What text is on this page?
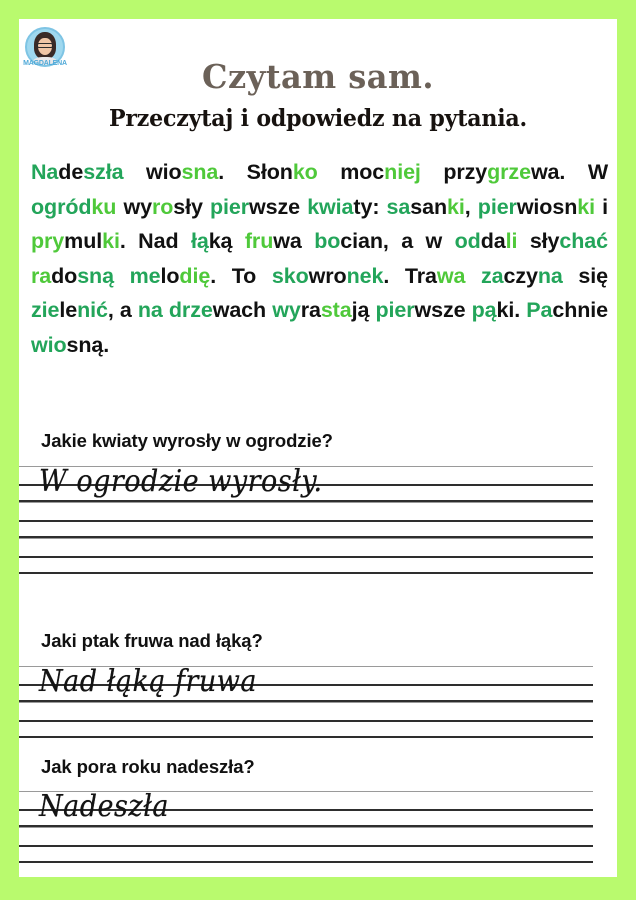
MAGDALENA	Czytam sam.
Przeczytaj i odpowiedz na pytania.
Nadeszła wiosna. Słonko mocniej przygrzewa. W ogródku wyrosły pierwsze kwiaty: sasanki, pierwiosnki i prymulki. Nad łąką fruwa bocian, a w oddali słychać radosną melodię. To skowronek. Trawa zaczyna się zielenić, a na drzewach wyrastają pierwsze pąki. Pachnie wiosną.
Jakie kwiaty wyrosły w ogrodzie?
Jaki ptak fruwa nad łąką?
Jak pora roku nadeszła?
W ogrodzie wyrosły.
Nad łąką fruwa
Nadeszła
